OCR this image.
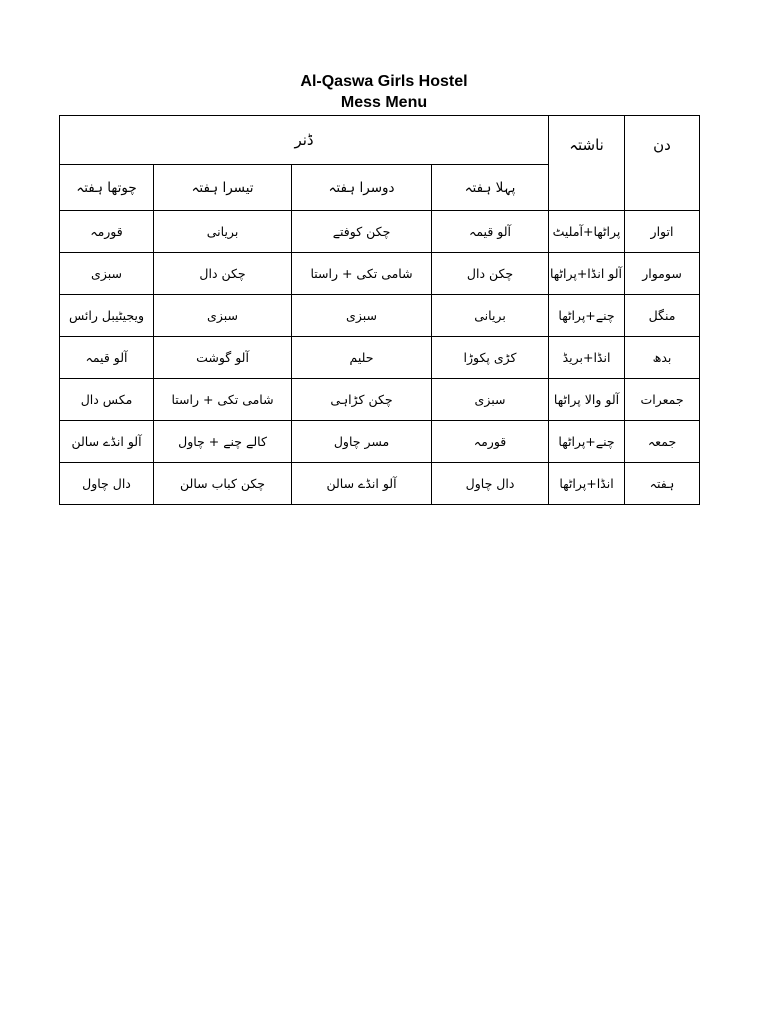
Al-Qaswa Girls Hostel
Mess Menu
دن	ناشتہ	ڈنر			
		پہلا ہفتہ	دوسرا ہفتہ	تیسرا ہفتہ	چوتھا ہفتہ
اتوار	پراٹھا+آملیٹ	آلو قیمہ	چکن کوفتے	بریانی	قورمہ
سوموار	آلو انڈا+پراٹھا	چکن دال	شامی تکی + راستا	چکن دال	سبزی
منگل	چنے+پراٹھا	بریانی	سبزی	سبزی	ویجیٹیبل رائس
بدھ	انڈا+بریڈ	کڑی پکوڑا	حلیم	آلو گوشت	آلو قیمہ
جمعرات	آلو والا پراٹھا	سبزی	چکن کڑاہی	شامی تکی + راستا	مکس دال
جمعہ	چنے+پراٹھا	قورمہ	مسر چاول	کالے چنے + چاول	آلو انڈے سالن
ہفتہ	انڈا+پراٹھا	دال چاول	آلو انڈے سالن	چکن کباب سالن	دال چاول
